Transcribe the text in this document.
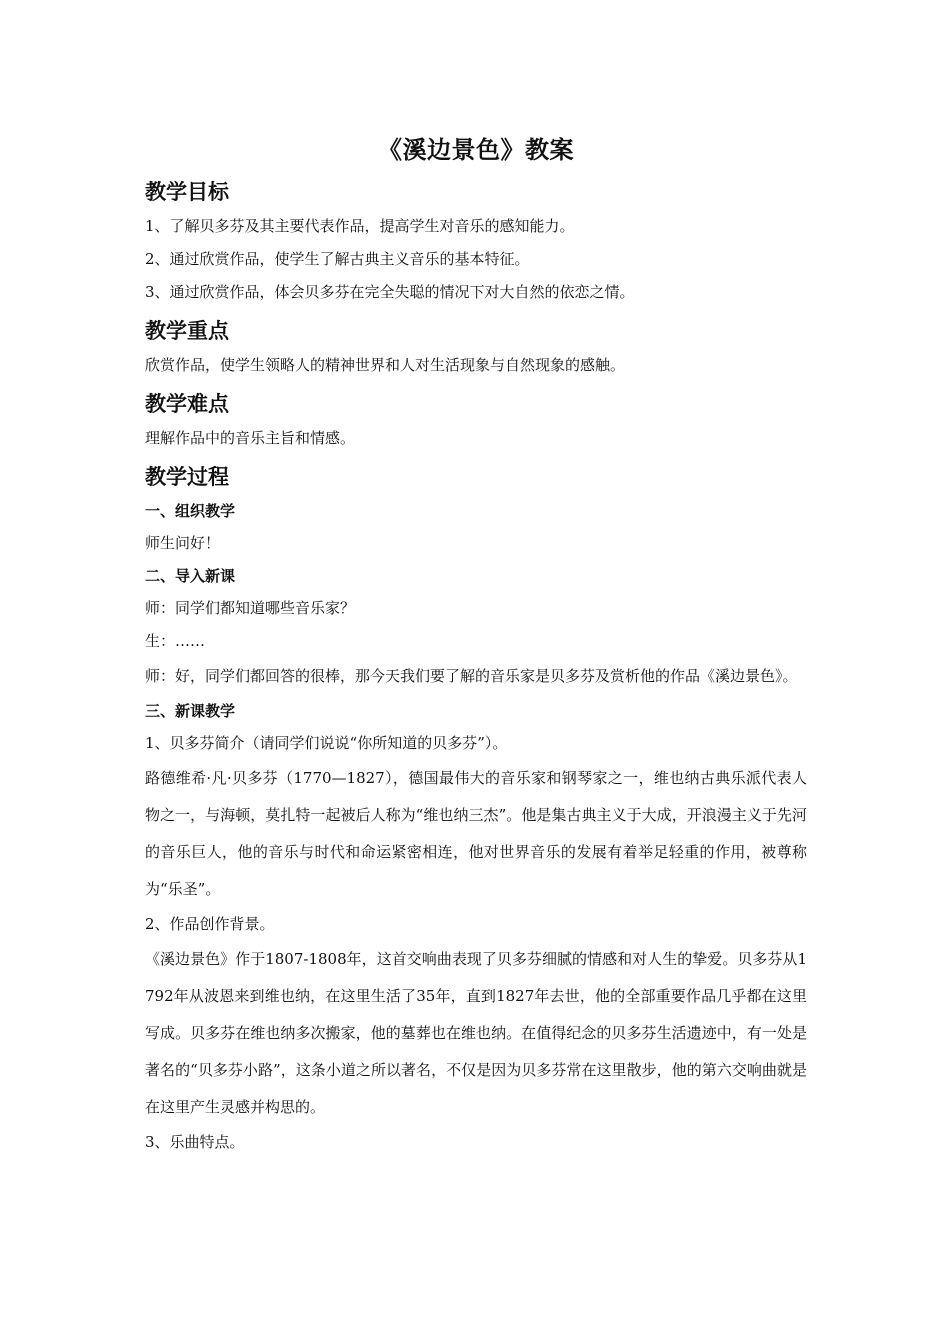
《溪边景色》教案
教学目标

1、了解贝多芬及其主要代表作品，提高学生对音乐的感知能力。

2、通过欣赏作品，使学生了解古典主义音乐的基本特征。

3、通过欣赏作品，体会贝多芬在完全失聪的情况下对大自然的依恋之情。

教学重点

欣赏作品，使学生领略人的精神世界和人对生活现象与自然现象的感触。

教学难点

理解作品中的音乐主旨和情感。

教学过程
一、组织教学

师生问好！

二、导入新课

师：同学们都知道哪些音乐家？

生：……

师：好，同学们都回答的很棒，那今天我们要了解的音乐家是贝多芬及赏析他的作品《溪边景色》。

三、新课教学

1、贝多芬简介（请同学们说说“你所知道的贝多芬”）。

路德维希·凡·贝多芬（1770—1827），德国最伟大的音乐家和钢琴家之一，维也纳古典乐派代表人物之一，与海顿，莫扎特一起被后人称为“维也纳三杰”。他是集古典主义于大成，开浪漫主义于先河的音乐巨人，他的音乐与时代和命运紧密相连，他对世界音乐的发展有着举足轻重的作用，被尊称为“乐圣”。

2、作品创作背景。

《溪边景色》作于1807-1808年，这首交响曲表现了贝多芬细腻的情感和对人生的挚爱。贝多芬从1792年从波恩来到维也纳，在这里生活了35年，直到1827年去世，他的全部重要作品几乎都在这里写成。贝多芬在维也纳多次搬家，他的墓葬也在维也纳。在值得纪念的贝多芬生活遗迹中，有一处是著名的“贝多芬小路”，这条小道之所以著名，不仅是因为贝多芬常在这里散步，他的第六交响曲就是在这里产生灵感并构思的。

3、乐曲特点。
